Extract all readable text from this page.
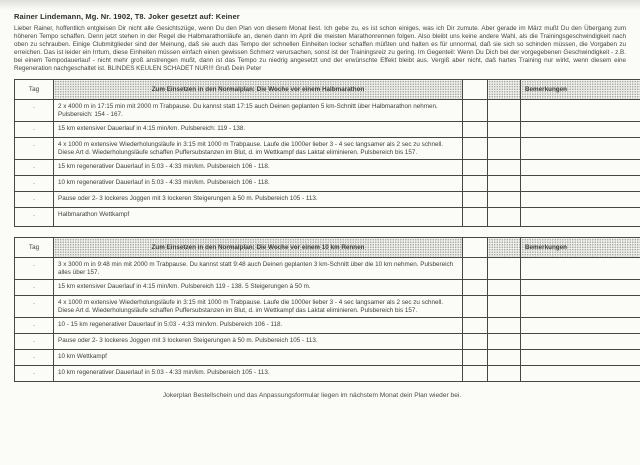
Rainer Lindemann, Mg. Nr. 1902, T8. Joker gesetzt auf: Keiner
Lieber Rainer, hoffentlich entgleisen Dir nicht alle Gesichtszüge, wenn Du den Plan von diesem Monat liest. Ich gebe zu, es ist schon einiges, was ich Dir zumute. Aber gerade im März mußt Du den Übergang zum höheren Tempo schaffen. Denn jetzt stehen in der Regel die Halbmarathonläufe an, denen dann im April die meisten Marathonrennen folgen. Also bleibt uns keine andere Wahl, als die Trainingsgeschwindigkeit nach oben zu schrauben. Einige Clubmitglieder sind der Meinung, daß sie auch das Tempo der schnellen Einheiten locker schaffen müßten und halten es für unnormal, daß sie sich so schinden müssen, die Vorgaben zu erreichen. Das ist leider ein Irrtum, diese Einheiten müssen einfach einen gewissen Schmerz verursachen, sonst ist der Trainingsreiz zu gering. Im Gegenteil: Wenn Du Dich bei der vorgegebenen Geschwindigkeit - z.B. bei einem Tempodauerlauf - nicht mehr groß anstrengen mußt, dann ist das Tempo zu niedrig angesetzt und der erwünschte Effekt bleibt aus. Vergiß aber nicht, daß hartes Training nur wirkt, wenn diesem eine Regeneration nachgeschaltet ist. BLINDES KEULEN SCHADET NUR!!! Gruß Dein Peter
Tag	Zum Einsetzen in den Normalplan: Die Woche vor einem Halbmarathon			Bemerkungen
.	2 x 4000 m in 17:15 min mit 2000 m Trabpause. Du kannst statt 17:15 auch Deinen geplanten 5 km-Schnitt über Halbmarathon nehmen. Pulsbereich: 154 - 167.			
.	15 km extensiver Dauerlauf in 4:15 min/km. Pulsbereich: 119 - 138.			
.	4 x 1000 m extensive Wiederholungsläufe in 3:15 mit 1000 m Trabpause. Laufe die 1000er lieber 3 - 4 sec langsamer als 2 sec zu schnell. Diese Art d. Wiederholungsläufe schaffen Puffersubstanzen im Blut, d. im Wettkampf das Laktat eliminieren. Pulsbereich bis 157.			
.	15 km regenerativer Dauerlauf in 5:03 - 4:33 min/km. Pulsbereich 106 - 118.			
.	10 km regenerativer Dauerlauf in 5:03 - 4:33 min/km. Pulsbereich 106 - 118.			
.	Pause oder 2- 3 lockeres Joggen mit 3 lockeren Steigerungen à 50 m. Pulsbereich 105 - 113.			
.	Halbmarathon Wettkampf			
Tag	Zum Einsetzen in den Normalplan: Die Woche vor einem 10 km Rennen			Bemerkungen
.	3 x 3000 m in 9:48 min mit 2000 m Trabpause. Du kannst statt 9:48 auch Deinen geplanten 3 km-Schnitt über die 10 km nehmen. Pulsbereich alles über 157.			
.	15 km extensiver Dauerlauf in 4:15 min/km. Pulsbereich 119 - 138. 5 Steigerungen à 50 m.			
.	4 x 1000 m extensive Wiederholungsläufe in 3:15 mit 1000 m Trabpause. Laufe die 1000er lieber 3 - 4 sec langsamer als 2 sec zu schnell. Diese Art d. Wiederholungsläufe schaffen Puffersubstanzen im Blut, d. im Wettkampf das Laktat eliminieren. Pulsbereich bis 157.			
.	10 - 15 km regenerativer Dauerlauf in 5:03 - 4:33 min/km. Pulsbereich 106 - 118.			
.	Pause oder 2- 3 lockeres Joggen mit 3 lockeren Steigerungen à 50 m. Pulsbereich 105 - 113.			
.	10 km Wettkampf			
.	10 km regenerativer Dauerlauf in 5:03 - 4:33 min/km. Pulsbereich 105 - 113.			
Jokerplan Bestellschein und das Anpassungsformular liegen im nächstem Monat dein Plan wieder bei.
